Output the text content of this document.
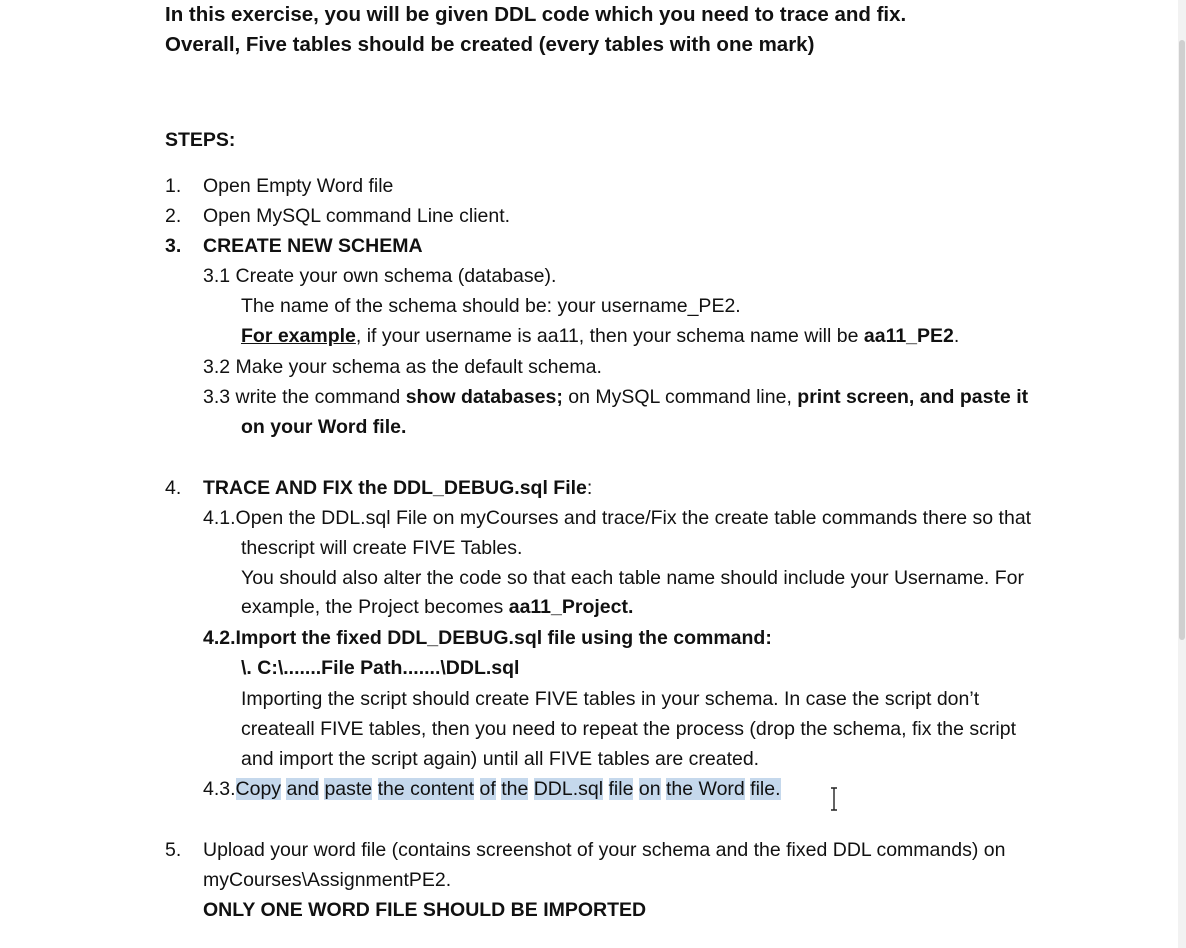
In this exercise, you will be given DDL code which you need to trace and fix.
Overall, Five tables should be created (every tables with one mark)
STEPS:
1. Open Empty Word file
2. Open MySQL command Line client.
3. CREATE NEW SCHEMA
3.1 Create your own schema (database).
The name of the schema should be: your username_PE2.
For example, if your username is aa11, then your schema name will be aa11_PE2.
3.2 Make your schema as the default schema.
3.3 write the command show databases; on MySQL command line, print screen, and paste it
on your Word file.
4. TRACE AND FIX the DDL_DEBUG.sql File:
4.1.Open the DDL.sql File on myCourses and trace/Fix the create table commands there so that
thescript will create FIVE Tables.
You should also alter the code so that each table name should include your Username. For
example, the Project becomes aa11_Project.
4.2.Import the fixed DDL_DEBUG.sql file using the command:
\. C:\.......File Path.......\DDL.sql
Importing the script should create FIVE tables in your schema. In case the script don’t
createall FIVE tables, then you need to repeat the process (drop the schema, fix the script
and import the script again) until all FIVE tables are created.
4.3.Copy and paste the content of the DDL.sql file on the Word file.
5. Upload your word file (contains screenshot of your schema and the fixed DDL commands) on
myCourses\AssignmentPE2.
ONLY ONE WORD FILE SHOULD BE IMPORTED
